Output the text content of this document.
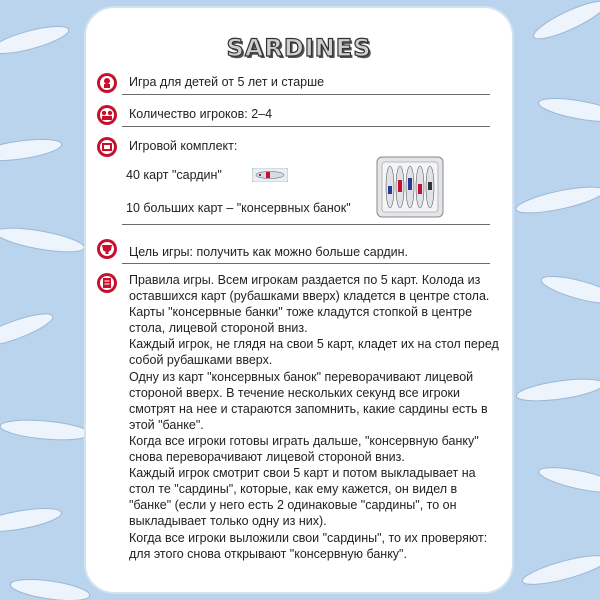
SARDINES
Игра для детей от 5 лет и старше
Количество игроков: 2–4
Игровой комплект:
40 карт "сардин"
10 больших карт – "консервных банок"
Цель игры: получить как можно больше сардин.

Правила игры. Всем игрокам раздается по 5 карт. Колода из оставшихся карт (рубашками вверх) кладется в центре стола. Карты "консервные банки" тоже кладутся стопкой в центре стола, лицевой стороной вниз.

Каждый игрок, не глядя на свои 5 карт, кладет их на стол перед собой рубашками вверх.

Одну из карт "консервных банок" переворачивают лицевой стороной вверх. В течение нескольких секунд все игроки смотрят на нее и стараются запомнить, какие сардины есть в этой "банке".

Когда все игроки готовы играть дальше, "консервную банку" снова переворачивают лицевой стороной вниз.

Каждый игрок смотрит свои 5 карт и потом выкладывает на стол те "сардины", которые, как ему кажется, он видел в "банке" (если у него есть 2 одинаковые "сардины", то он выкладывает только одну из них).

Когда все игроки выложили свои "сардины", то их проверяют: для этого снова открывают "консервную банку".
